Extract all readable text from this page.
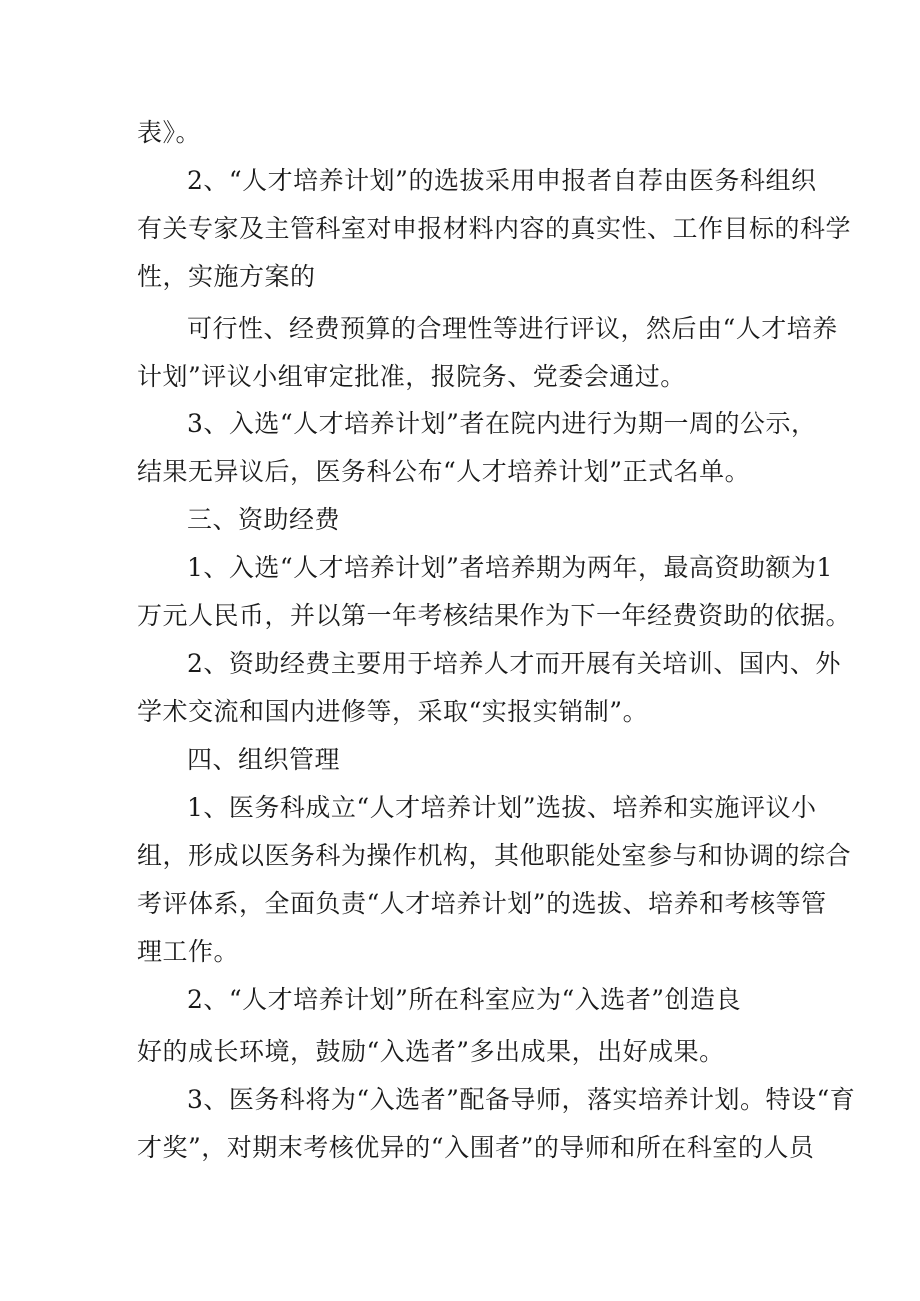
表》。
2、“人才培养计划”的选拔采用申报者自荐由医务科组织
有关专家及主管科室对申报材料内容的真实性、工作目标的科学
性，实施方案的
可行性、经费预算的合理性等进行评议，然后由“人才培养
计划”评议小组审定批准，报院务、党委会通过。
3、入选“人才培养计划”者在院内进行为期一周的公示，
结果无异议后，医务科公布“人才培养计划”正式名单。
三、资助经费
1、入选“人才培养计划”者培养期为两年，最高资助额为1
万元人民币，并以第一年考核结果作为下一年经费资助的依据。
2、资助经费主要用于培养人才而开展有关培训、国内、外
学术交流和国内进修等，采取“实报实销制”。
四、组织管理
1、医务科成立“人才培养计划”选拔、培养和实施评议小
组，形成以医务科为操作机构，其他职能处室参与和协调的综合
考评体系，全面负责“人才培养计划”的选拔、培养和考核等管
理工作。
2、“人才培养计划”所在科室应为“入选者”创造良
好的成长环境，鼓励“入选者”多出成果，出好成果。
3、医务科将为“入选者”配备导师，落实培养计划。特设“育
才奖”，对期末考核优异的“入围者”的导师和所在科室的人员
